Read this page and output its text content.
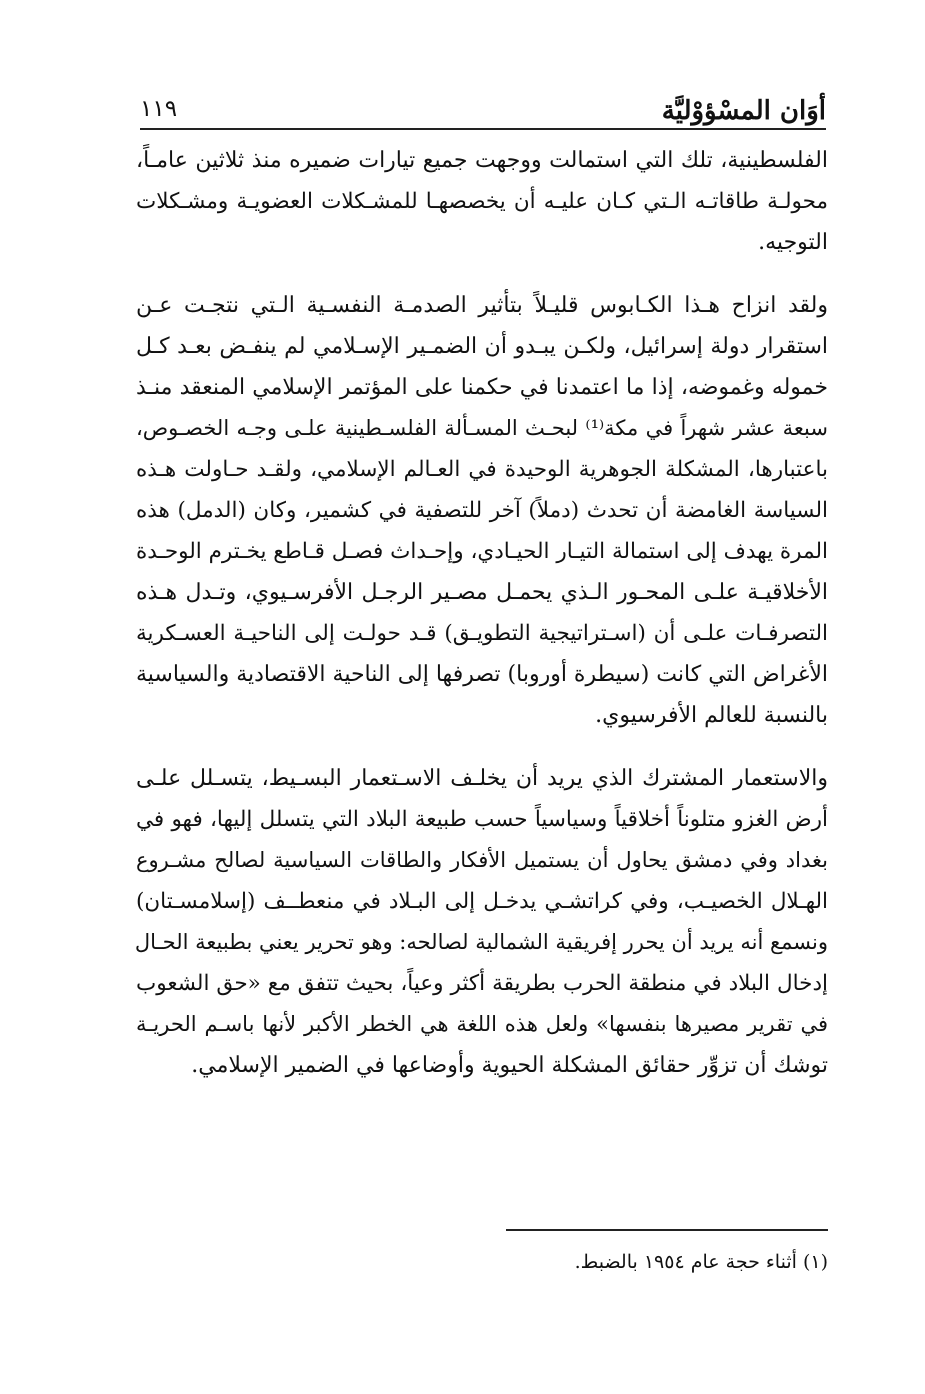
أوَان المسْؤوْليَّة
١١٩
الفلسطينية، تلك التي استمالت ووجهت جميع تيارات ضميره منذ ثلاثين عامـاً،
محولـة طاقاتـه الـتي كـان عليـه أن يخصصهـا للمشـكلات العضويـة ومشـكلات
التوجيه.
ولقد انزاح هـذا الكـابوس قليـلاً بتأثير الصدمـة النفسـية الـتي نتجـت عـن
استقرار دولة إسرائيل، ولكـن يبـدو أن الضمـير الإسـلامي لم ينفـض بعـد كـل
خموله وغموضه، إذا ما اعتمدنا في حكمنا على المؤتمر الإسلامي المنعقد منـذ
سبعة عشر شهراً في مكة⁽¹⁾ لبحـث المسـألة الفلسـطينية علـى وجـه الخصـوص،
باعتبارها، المشكلة الجوهرية الوحيدة في العـالم الإسلامي، ولقـد حـاولت هـذه
السياسة الغامضة أن تحدث (دملاً) آخر للتصفية في كشمير، وكان (الدمل) هذه
المرة يهدف إلى استمالة التيـار الحيـادي، وإحـداث فصـل قـاطع يخـترم الوحـدة
الأخلاقيـة علـى المحـور الـذي يحمـل مصـير الرجـل الأفرسـيوي، وتـدل هـذه
التصرفـات علـى أن (اسـتراتيجية التطويـق) قـد حولـت إلى الناحيـة العسـكرية
الأغراض التي كانت (سيطرة أوروبا) تصرفها إلى الناحية الاقتصادية والسياسية
بالنسبة للعالم الأفرسيوي.
والاستعمار المشترك الذي يريد أن يخلـف الاسـتعمار البسـيط، يتسـلل علـى
أرض الغزو متلوناً أخلاقياً وسياسياً حسب طبيعة البلاد التي يتسلل إليها، فهو في
بغداد وفي دمشق يحاول أن يستميل الأفكار والطاقات السياسية لصالح مشـروع
الهـلال الخصيـب، وفي كراتشـي يدخـل إلى البـلاد في منعطــف (إسلامسـتان)
ونسمع أنه يريد أن يحرر إفريقية الشمالية لصالحه: وهو تحرير يعني بطبيعة الحـال
إدخال البلاد في منطقة الحرب بطريقة أكثر وعياً، بحيث تتفق مع «حق الشعوب
في تقرير مصيرها بنفسها» ولعل هذه اللغة هي الخطر الأكبر لأنها باسـم الحريـة
توشك أن تزوِّر حقائق المشكلة الحيوية وأوضاعها في الضمير الإسلامي.
(١) أثناء حجة عام ١٩٥٤ بالضبط.
